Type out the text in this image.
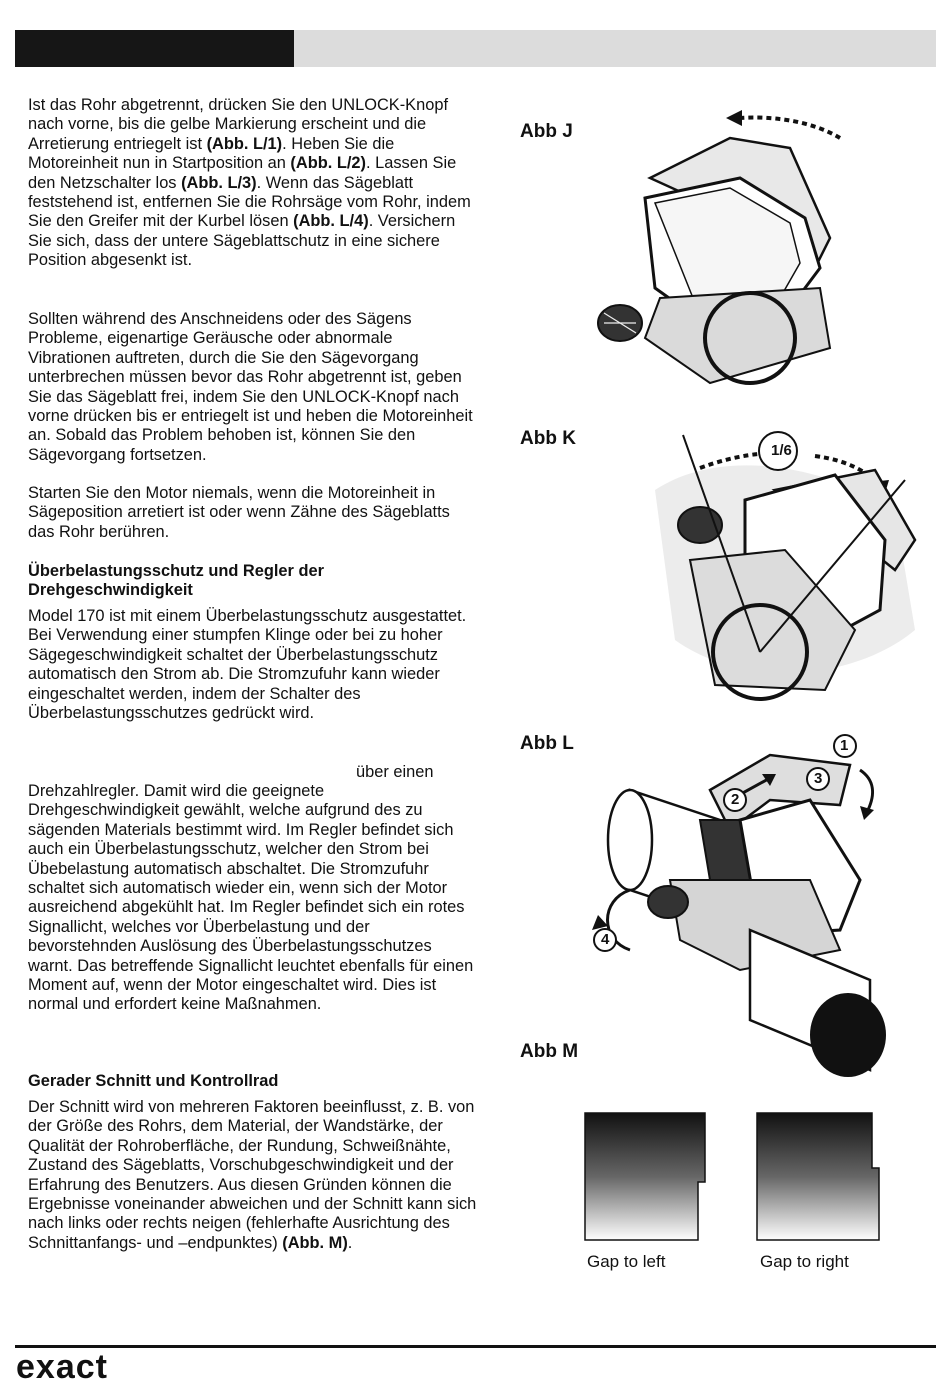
Ist das Rohr abgetrennt, drücken Sie den UNLOCK-Knopf nach vorne, bis die gelbe Markierung erscheint und die Arretierung entriegelt ist (Abb. L/1). Heben Sie die Motoreinheit nun in Startposition an (Abb. L/2). Lassen Sie den Netzschalter los (Abb. L/3). Wenn das Sägeblatt feststehend ist, entfernen Sie die Rohrsäge vom Rohr, indem Sie den Greifer mit der Kurbel lösen (Abb. L/4). Versichern Sie sich, dass der untere Sägeblattschutz in eine sichere Position abgesenkt ist.

Sollten während des Anschneidens oder des Sägens Probleme, eigenartige Geräusche oder abnormale Vibrationen auftreten, durch die Sie den Sägevorgang unterbrechen müssen bevor das Rohr abgetrennt ist, geben Sie das Sägeblatt frei, indem Sie den UNLOCK-Knopf nach vorne drücken bis er entriegelt ist und heben die Motoreinheit an. Sobald das Problem behoben ist, können Sie den Sägevorgang fortsetzen.

Starten Sie den Motor niemals, wenn die Motoreinheit in Sägeposition arretiert ist oder wenn Zähne des Sägeblatts das Rohr berühren.

Überbelastungsschutz und Regler der Drehgeschwindigkeit

Model 170 ist mit einem Überbelastungsschutz ausgestattet. Bei Verwendung einer stumpfen Klinge oder bei zu hoher Sägegeschwindigkeit schaltet der Überbelastungsschutz automatisch den Strom ab. Die Stromzufuhr kann wieder eingeschaltet werden, indem der Schalter des Überbelastungsschutzes gedrückt wird.

über einen

Drehzahlregler. Damit wird die geeignete Drehgeschwindigkeit gewählt, welche aufgrund des zu sägenden Materials bestimmt wird. Im Regler befindet sich auch ein Überbelastungsschutz, welcher den Strom bei Übebelastung automatisch abschaltet. Die Stromzufuhr schaltet sich automatisch wieder ein, wenn sich der Motor ausreichend abgekühlt hat. Im Regler befindet sich ein rotes Signallicht, welches vor Überbelastung und der bevorstehnden Auslösung des Überbelastungsschutzes warnt. Das betreffende Signallicht leuchtet ebenfalls für einen Moment auf, wenn der Motor eingeschaltet wird. Dies ist normal und erfordert keine Maßnahmen.

Gerader Schnitt und Kontrollrad

Der Schnitt wird von mehreren Faktoren beeinflusst, z. B. von der Größe des Rohrs, dem Material, der Wandstärke, der Qualität der Rohroberfläche, der Rundung, Schweißnähte, Zustand des Sägeblatts, Vorschubgeschwindigkeit und der Erfahrung des Benutzers. Aus diesen Gründen können die Ergebnisse voneinander abweichen und der Schnitt kann sich nach links oder rechts neigen (fehlerhafte Ausrichtung des Schnittanfangs- und –endpunktes) (Abb. M).

Abb J
Abb K
Abb L
Abb M
1/6
1
2
3
4
Gap to left	Gap to right
exact
